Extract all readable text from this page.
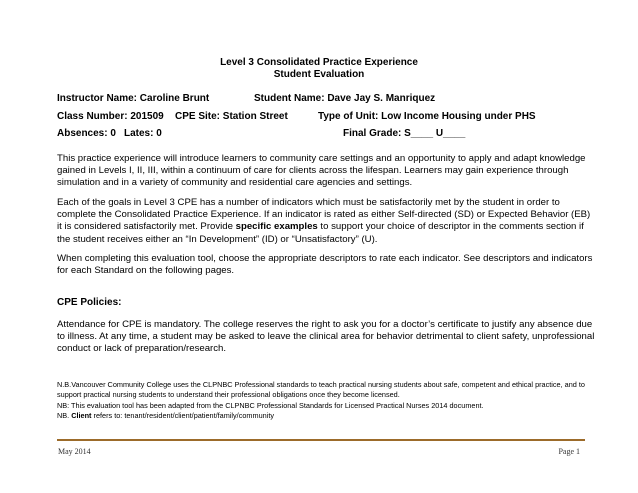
Level 3 Consolidated Practice Experience
Student Evaluation
Instructor Name: Caroline Brunt	Student Name: Dave Jay S. Manriquez
Class Number: 201509 CPE Site: Station Street	Type of Unit: Low Income Housing under PHS
Absences: 0 Lates: 0	Final Grade: S____ U____

This practice experience will introduce learners to community care settings and an opportunity to apply and adapt knowledge gained in Levels I, II, III, within a continuum of care for clients across the lifespan. Learners may gain experience through simulation and in a variety of community and residential care agencies and settings.

Each of the goals in Level 3 CPE has a number of indicators which must be satisfactorily met by the student in order to complete the Consolidated Practice Experience. If an indicator is rated as either Self-directed (SD) or Expected Behavior (EB) it is considered satisfactorily met. Provide specific examples to support your choice of descriptor in the comments section if the student receives either an “In Development” (ID) or “Unsatisfactory” (U).

When completing this evaluation tool, choose the appropriate descriptors to rate each indicator. See descriptors and indicators for each Standard on the following pages.

CPE Policies:

Attendance for CPE is mandatory. The college reserves the right to ask you for a doctor’s certificate to justify any absence due to illness. At any time, a student may be asked to leave the clinical area for behavior detrimental to client safety, unprofessional conduct or lack of preparation/research.

N.B.Vancouver Community College uses the CLPNBC Professional standards to teach practical nursing students about safe, competent and ethical practice, and to support practical nursing students to understand their professional obligations once they become licensed.

NB: This evaluation tool has been adapted from the CLPNBC Professional Standards for Licensed Practical Nurses 2014 document.

NB. Client refers to: tenant/resident/client/patient/family/community

May 2014	Page 1
